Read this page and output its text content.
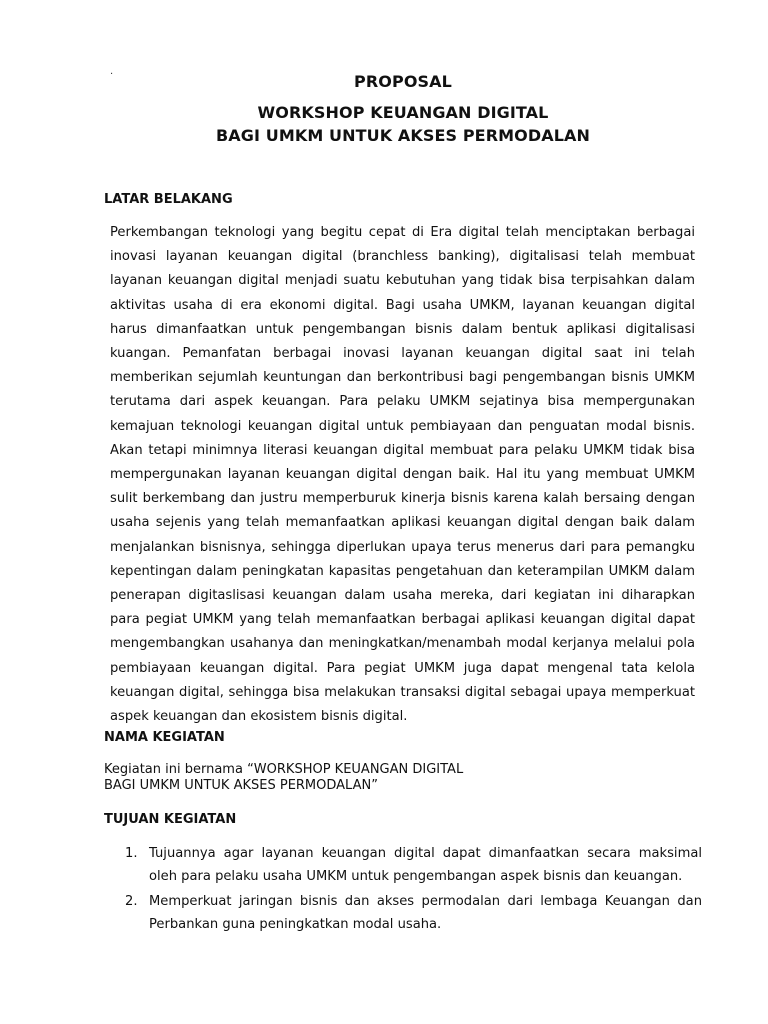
.
PROPOSAL
WORKSHOP KEUANGAN DIGITAL
BAGI UMKM UNTUK AKSES PERMODALAN
LATAR BELAKANG
Perkembangan teknologi yang begitu cepat di Era digital telah menciptakan berbagai inovasi layanan keuangan digital (branchless banking), digitalisasi telah membuat layanan keuangan digital menjadi suatu kebutuhan yang tidak bisa terpisahkan dalam aktivitas usaha di era ekonomi digital. Bagi usaha UMKM, layanan keuangan digital harus dimanfaatkan untuk pengembangan bisnis dalam bentuk aplikasi digitalisasi kuangan. Pemanfatan berbagai inovasi layanan keuangan digital saat ini telah memberikan sejumlah keuntungan dan berkontribusi bagi pengembangan bisnis UMKM terutama dari aspek keuangan. Para pelaku UMKM sejatinya bisa mempergunakan kemajuan teknologi keuangan digital untuk pembiayaan dan penguatan modal bisnis. Akan tetapi minimnya literasi keuangan digital membuat para pelaku UMKM tidak bisa mempergunakan layanan keuangan digital dengan baik. Hal itu yang membuat UMKM sulit berkembang dan justru memperburuk kinerja bisnis karena kalah bersaing dengan usaha sejenis yang telah memanfaatkan aplikasi keuangan digital dengan baik dalam menjalankan bisnisnya, sehingga diperlukan upaya terus menerus dari para pemangku kepentingan dalam peningkatan kapasitas pengetahuan dan keterampilan UMKM dalam penerapan digitaslisasi keuangan dalam usaha mereka, dari kegiatan ini diharapkan para pegiat UMKM yang telah memanfaatkan berbagai aplikasi keuangan digital dapat mengembangkan usahanya dan meningkatkan/menambah modal kerjanya melalui pola pembiayaan keuangan digital. Para pegiat UMKM juga dapat mengenal tata kelola keuangan digital, sehingga bisa melakukan transaksi digital sebagai upaya memperkuat aspek keuangan dan ekosistem bisnis digital.
NAMA KEGIATAN
Kegiatan ini bernama “WORKSHOP KEUANGAN DIGITAL
BAGI UMKM UNTUK AKSES PERMODALAN”
TUJUAN KEGIATAN
1. Tujuannya agar layanan keuangan digital dapat dimanfaatkan secara maksimal oleh para pelaku usaha UMKM untuk pengembangan aspek bisnis dan keuangan.
2. Memperkuat jaringan bisnis dan akses permodalan dari lembaga Keuangan dan Perbankan guna peningkatkan modal usaha.
